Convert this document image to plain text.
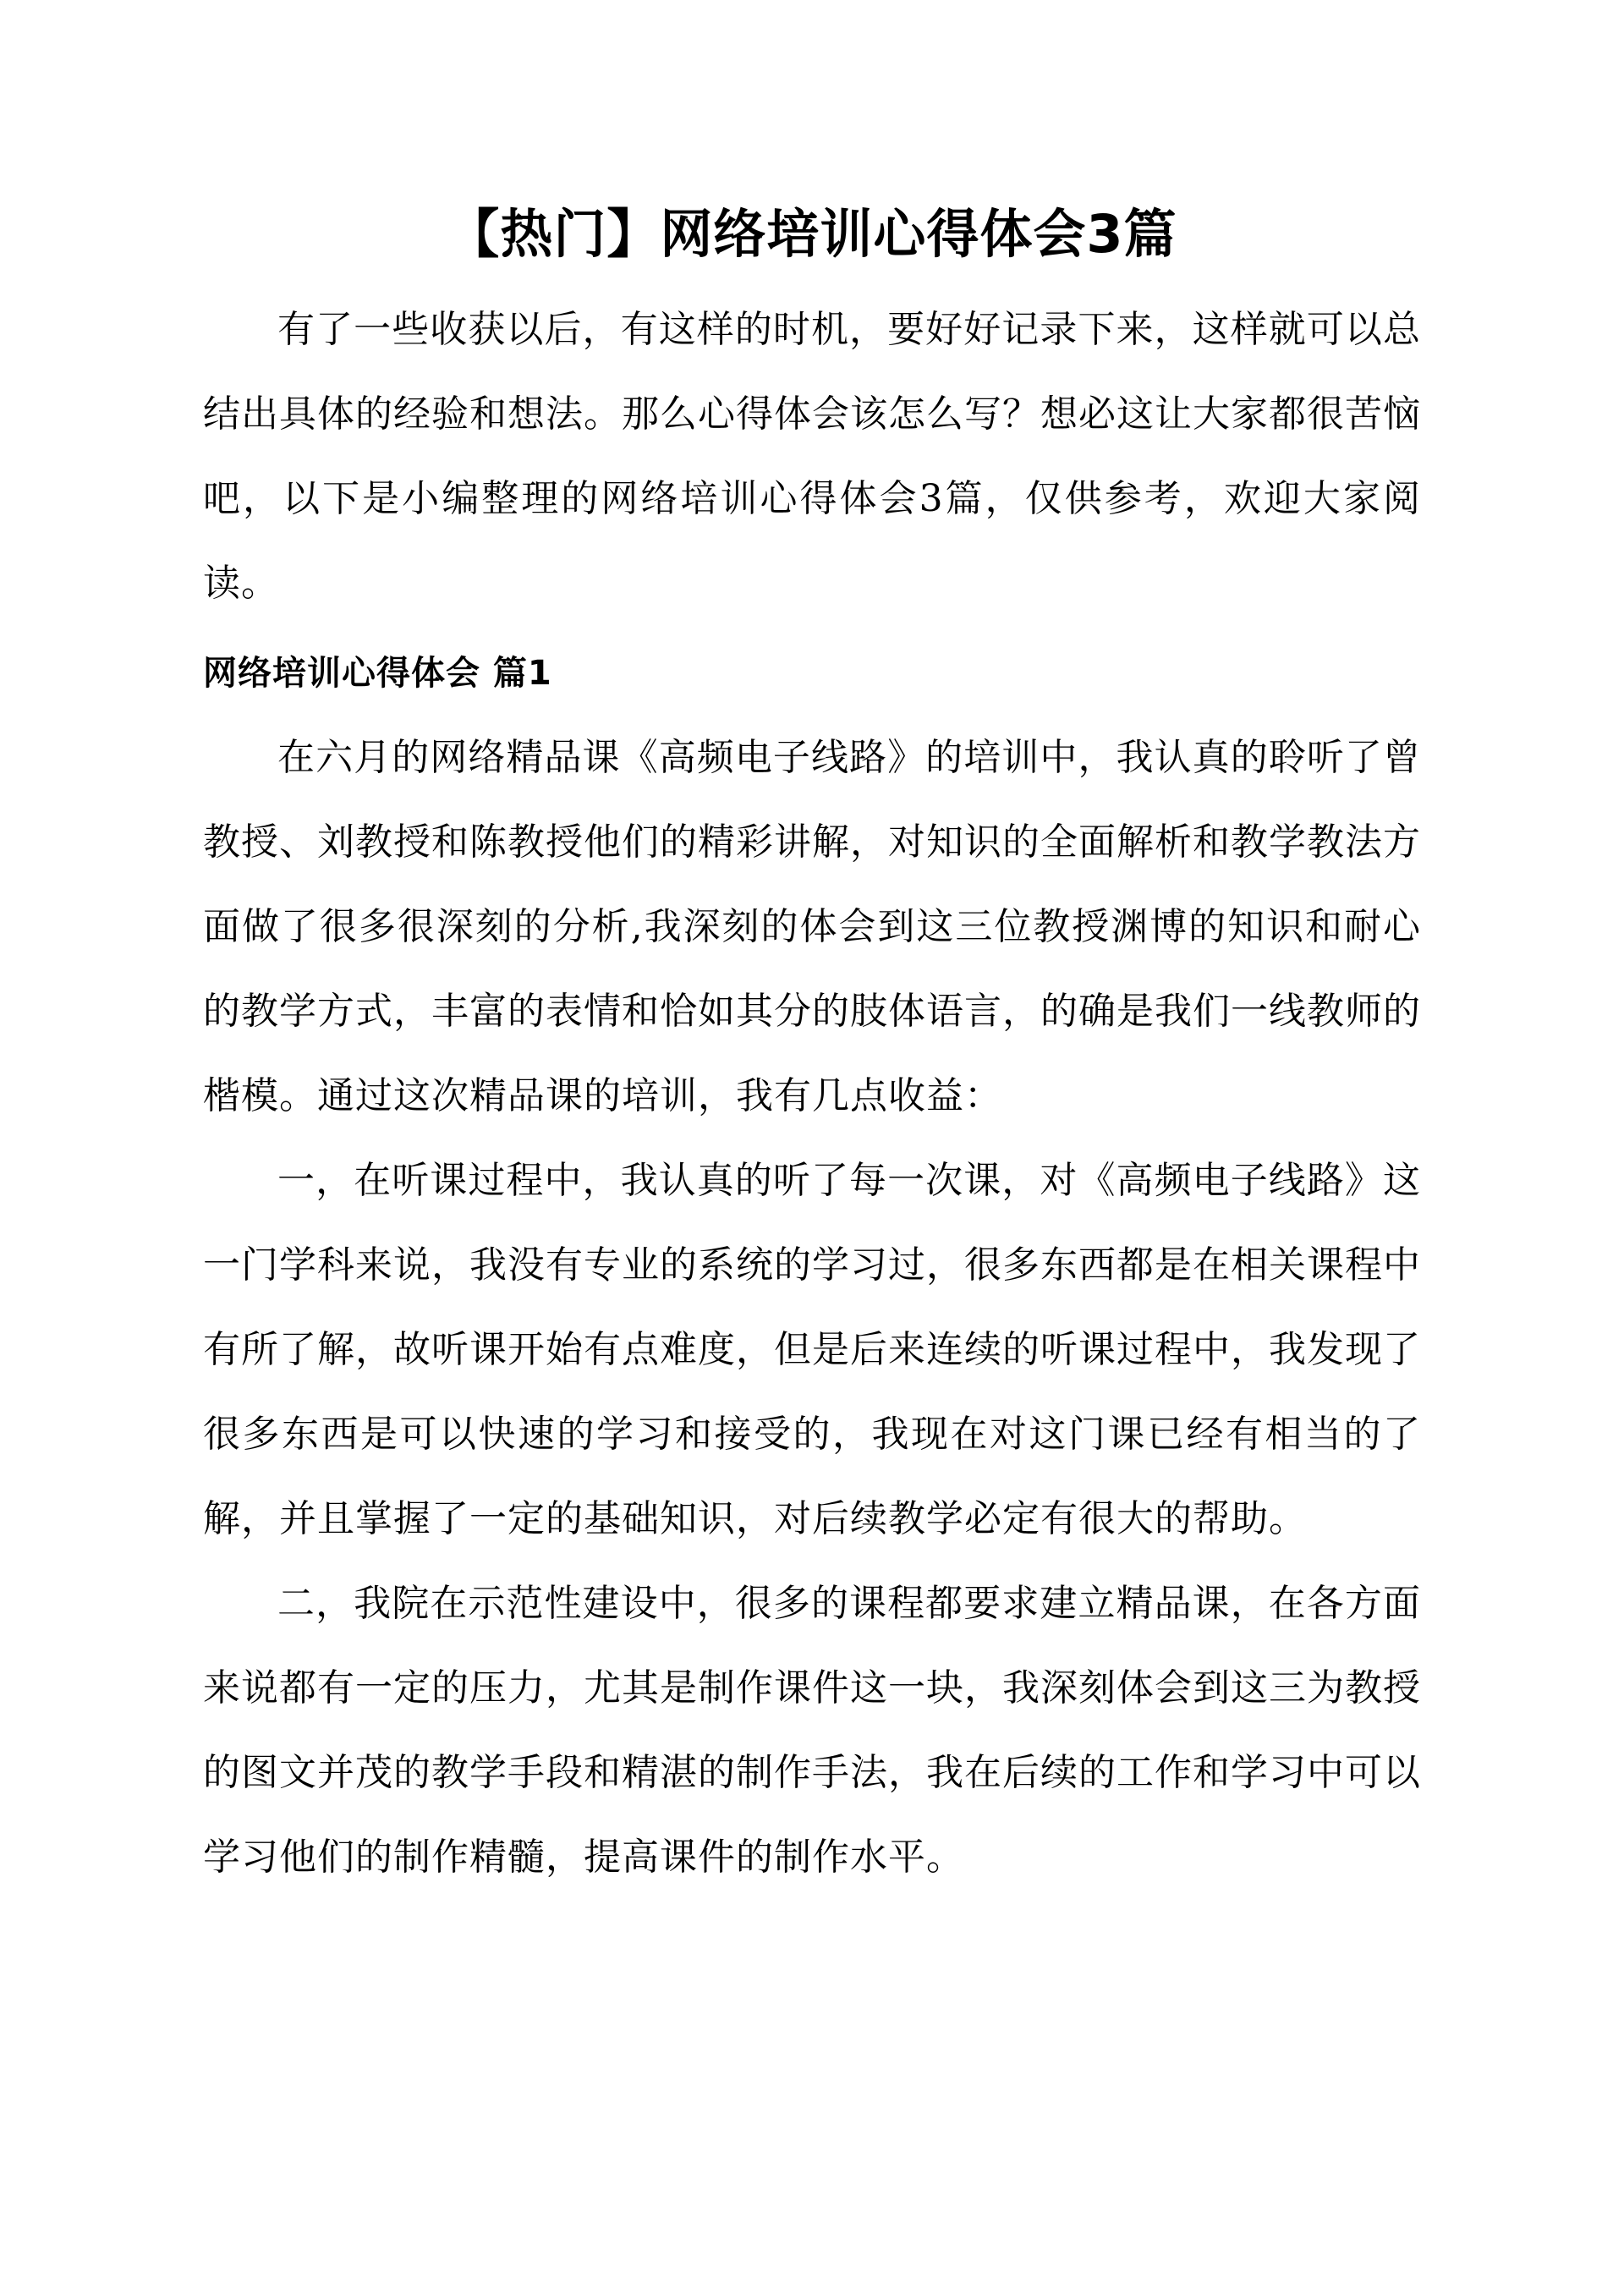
【热门】网络培训心得体会3篇

有了一些收获以后，有这样的时机，要好好记录下来，这样就可以总结出具体的经验和想法。那么心得体会该怎么写？想必这让大家都很苦恼吧，以下是小编整理的网络培训心得体会3篇，仅供参考，欢迎大家阅读。

网络培训心得体会 篇1

在六月的网络精品课《高频电子线路》的培训中，我认真的聆听了曾教授、刘教授和陈教授他们的精彩讲解，对知识的全面解析和教学教法方面做了很多很深刻的分析,我深刻的体会到这三位教授渊博的知识和耐心的教学方式，丰富的表情和恰如其分的肢体语言，的确是我们一线教师的楷模。通过这次精品课的培训，我有几点收益：

一，在听课过程中，我认真的听了每一次课，对《高频电子线路》这一门学科来说，我没有专业的系统的学习过，很多东西都是在相关课程中有所了解，故听课开始有点难度，但是后来连续的听课过程中，我发现了很多东西是可以快速的学习和接受的，我现在对这门课已经有相当的了解，并且掌握了一定的基础知识，对后续教学必定有很大的帮助。

二，我院在示范性建设中，很多的课程都要求建立精品课，在各方面来说都有一定的压力，尤其是制作课件这一块，我深刻体会到这三为教授的图文并茂的教学手段和精湛的制作手法，我在后续的工作和学习中可以学习他们的制作精髓，提高课件的制作水平。
